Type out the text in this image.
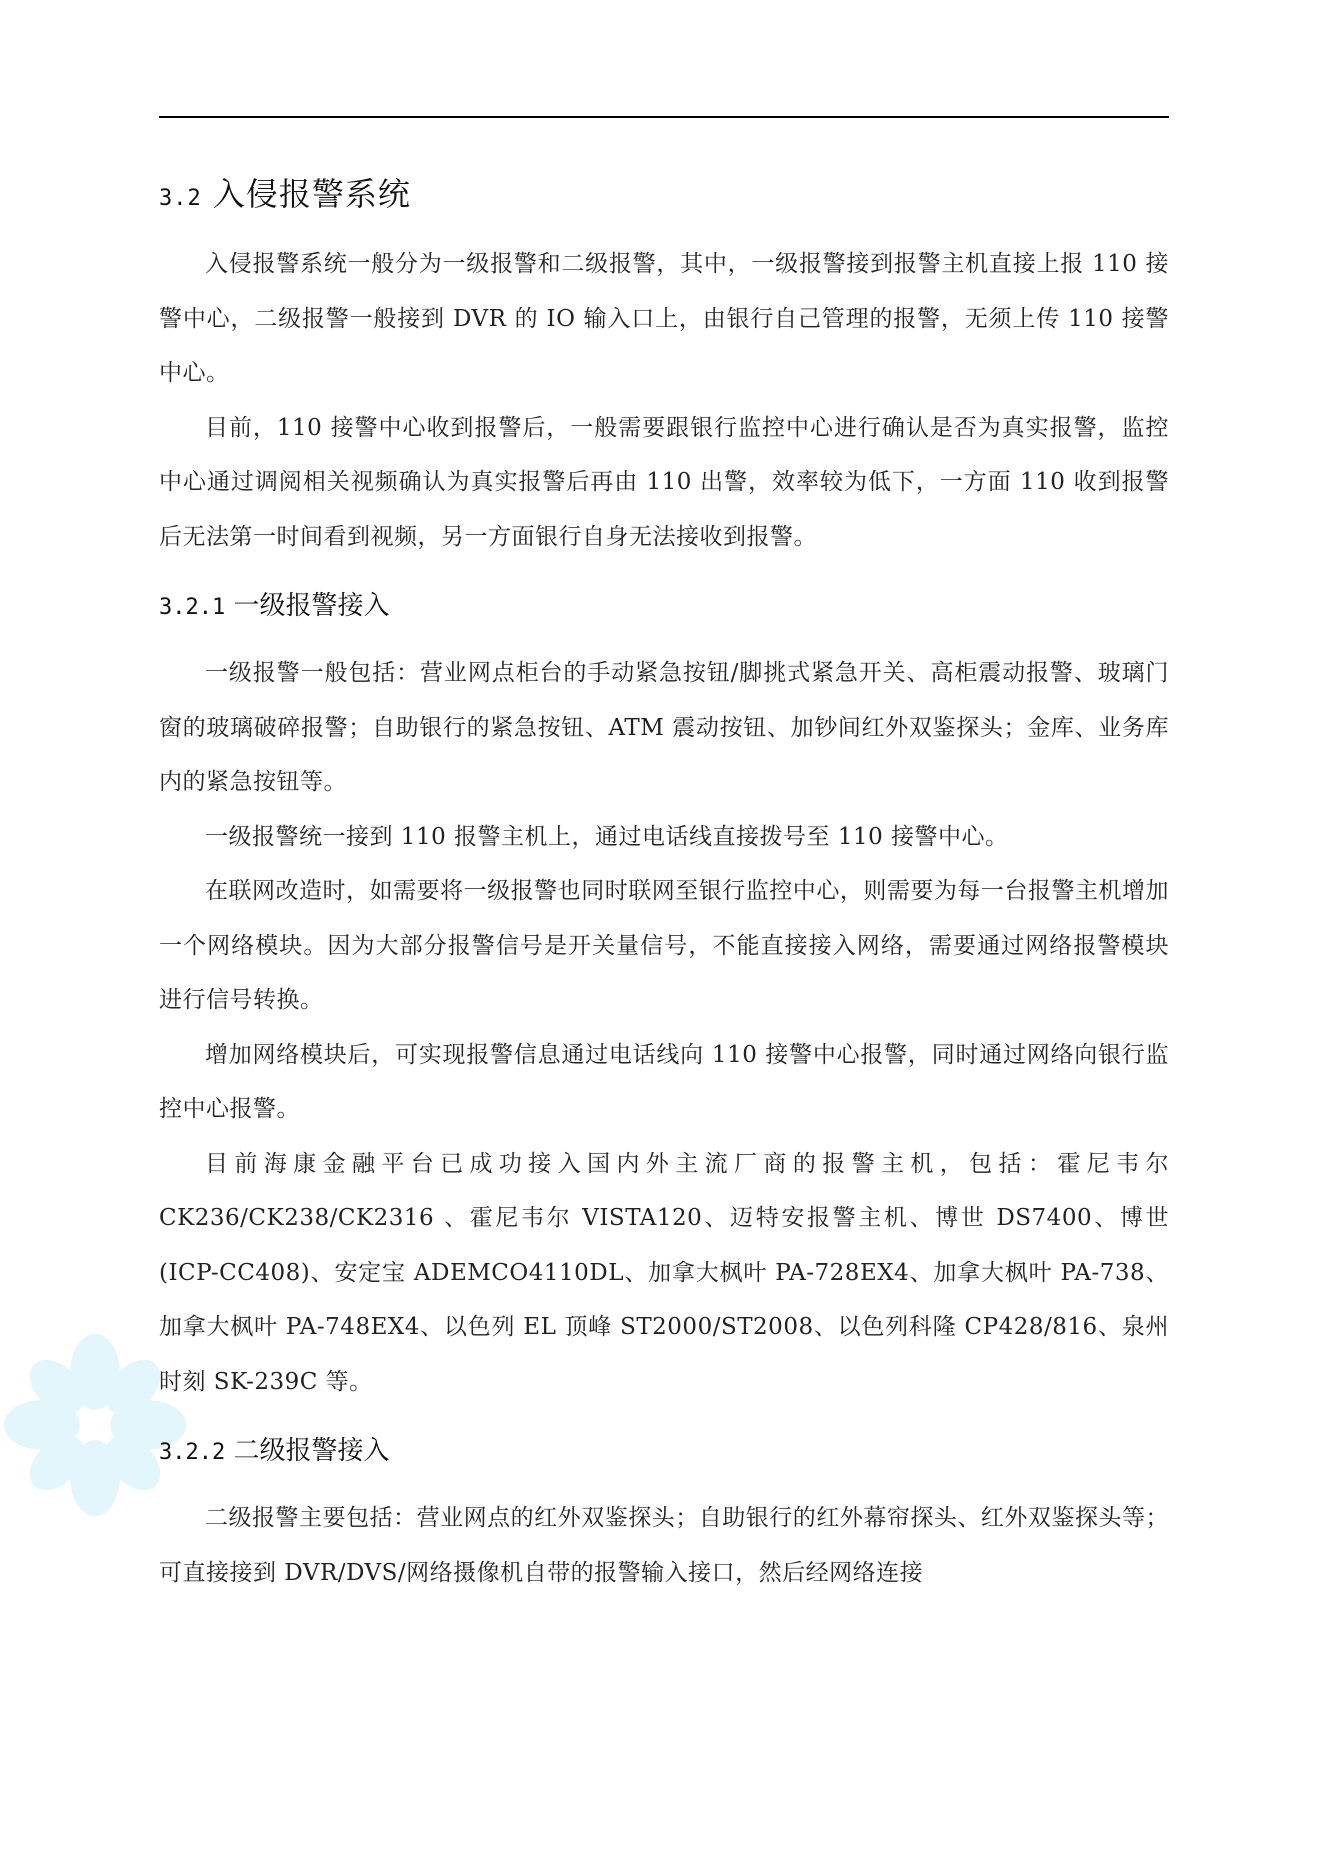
3.2 入侵报警系统

入侵报警系统一般分为一级报警和二级报警，其中，一级报警接到报警主机直接上报 110 接警中心，二级报警一般接到 DVR 的 IO 输入口上，由银行自己管理的报警，无须上传 110 接警中心。

目前，110 接警中心收到报警后，一般需要跟银行监控中心进行确认是否为真实报警，监控中心通过调阅相关视频确认为真实报警后再由 110 出警，效率较为低下，一方面 110 收到报警后无法第一时间看到视频，另一方面银行自身无法接收到报警。

3.2.1 一级报警接入

一级报警一般包括：营业网点柜台的手动紧急按钮/脚挑式紧急开关、高柜震动报警、玻璃门窗的玻璃破碎报警；自助银行的紧急按钮、ATM 震动按钮、加钞间红外双鉴探头；金库、业务库内的紧急按钮等。

一级报警统一接到 110 报警主机上，通过电话线直接拨号至 110 接警中心。

在联网改造时，如需要将一级报警也同时联网至银行监控中心，则需要为每一台报警主机增加一个网络模块。因为大部分报警信号是开关量信号，不能直接接入网络，需要通过网络报警模块进行信号转换。

增加网络模块后，可实现报警信息通过电话线向 110 接警中心报警，同时通过网络向银行监控中心报警。

目前海康金融平台已成功接入国内外主流厂商的报警主机，包括：霍尼韦尔 CK236/CK238/CK2316 、霍尼韦尔 VISTA120、迈特安报警主机、博世 DS7400、博世 (ICP-CC408)、安定宝 ADEMCO4110DL、加拿大枫叶 PA-728EX4、加拿大枫叶 PA-738、加拿大枫叶 PA-748EX4、以色列 EL 顶峰 ST2000/ST2008、以色列科隆 CP428/816、泉州时刻 SK-239C 等。

3.2.2 二级报警接入

二级报警主要包括：营业网点的红外双鉴探头；自助银行的红外幕帘探头、红外双鉴探头等；可直接接到 DVR/DVS/网络摄像机自带的报警输入接口，然后经网络连接
